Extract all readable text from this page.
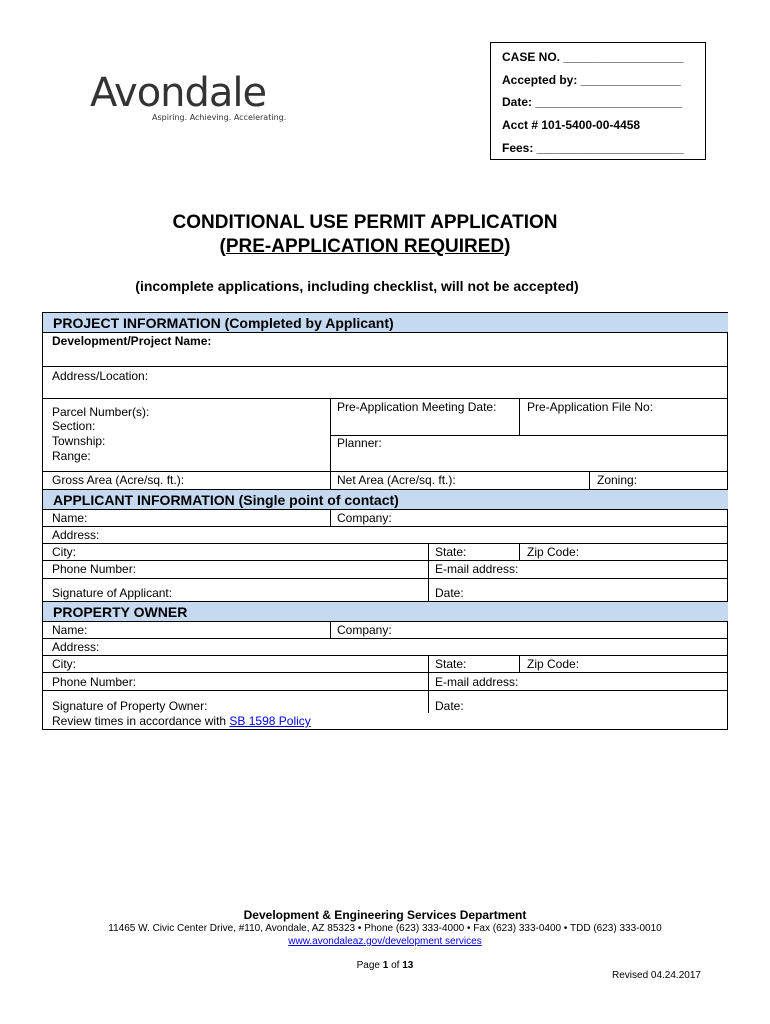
Avondale
Aspiring. Achieving. Accelerating.
CASE NO. __________________
Accepted by: _______________
Date: ______________________
Acct # 101-5400-00-4458
Fees: ______________________
CONDITIONAL USE PERMIT APPLICATION
(PRE-APPLICATION REQUIRED)
(incomplete applications, including checklist, will not be accepted)
PROJECT INFORMATION (Completed by Applicant)
Development/Project Name:
Address/Location:
Parcel Number(s):
Section:
Township:
Range:
Pre-Application Meeting Date:	Pre-Application File No:
Planner:
Gross Area (Acre/sq. ft.):	Net Area (Acre/sq. ft.):	Zoning:
APPLICANT INFORMATION (Single point of contact)
Name:	Company:
Address:
City:	State:	Zip Code:
Phone Number:	E-mail address:
Signature of Applicant:	Date:
PROPERTY OWNER
Name:	Company:
Address:
City:	State:	Zip Code:
Phone Number:	E-mail address:
Signature of Property Owner:	Date:
Review times in accordance with SB 1598 Policy
Development & Engineering Services Department
11465 W. Civic Center Drive, #110, Avondale, AZ 85323 • Phone (623) 333-4000 • Fax (623) 333-0400 • TDD (623) 333-0010
www.avondaleaz.gov/development services
Page 1 of 13
Revised 04.24.2017
